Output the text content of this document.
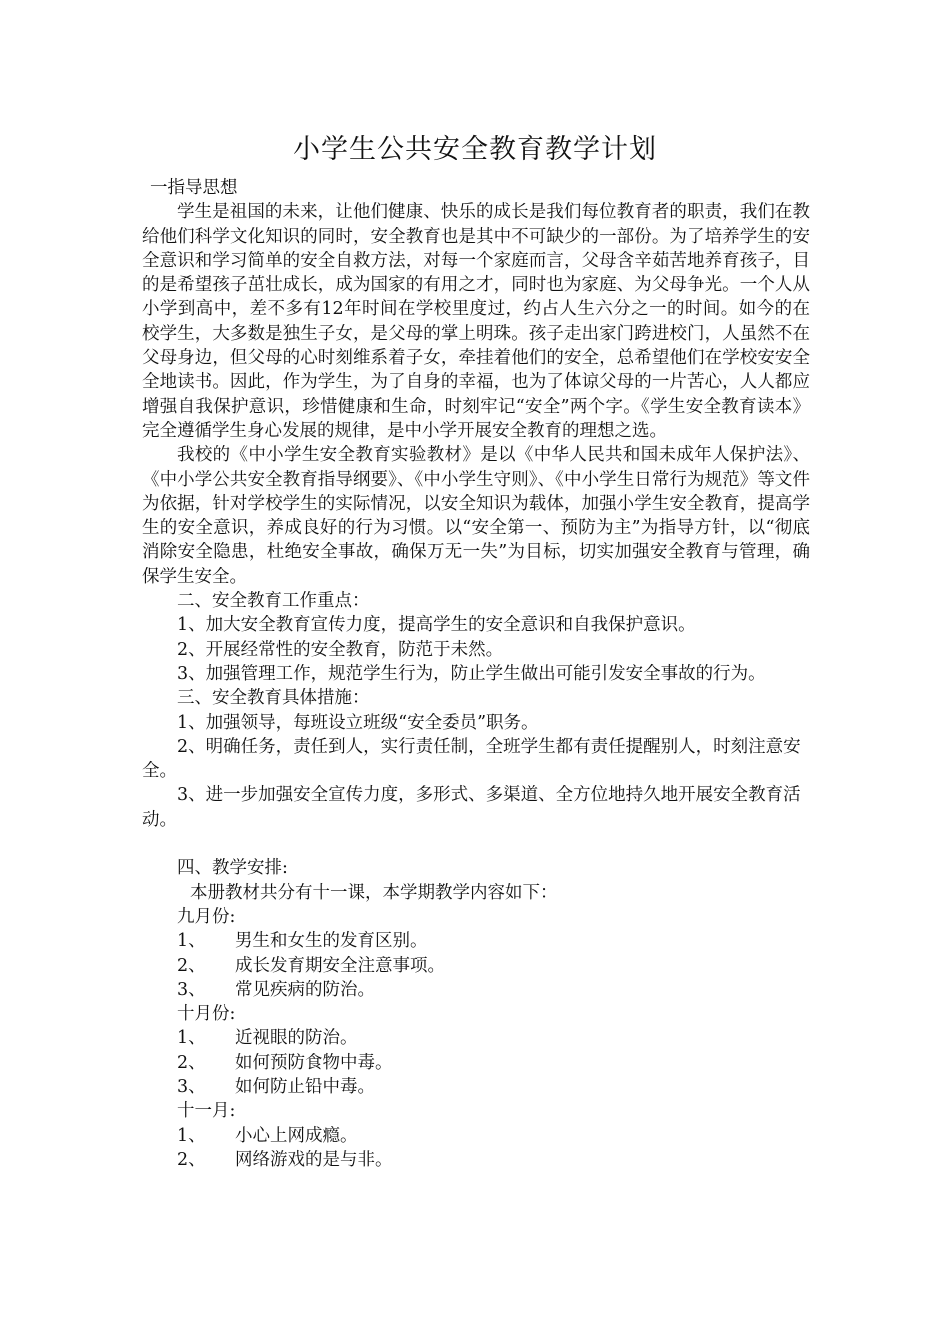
小学生公共安全教育教学计划

一指导思想

学生是祖国的未来，让他们健康、快乐的成长是我们每位教育者的职责，我们在教给他们科学文化知识的同时，安全教育也是其中不可缺少的一部份。为了培养学生的安全意识和学习简单的安全自救方法，对每一个家庭而言，父母含辛茹苦地养育孩子，目的是希望孩子茁壮成长，成为国家的有用之才，同时也为家庭、为父母争光。一个人从小学到高中，差不多有12年时间在学校里度过，约占人生六分之一的时间。如今的在校学生，大多数是独生子女，是父母的掌上明珠。孩子走出家门跨进校门，人虽然不在父母身边，但父母的心时刻维系着子女，牵挂着他们的安全，总希望他们在学校安安全全地读书。因此，作为学生，为了自身的幸福，也为了体谅父母的一片苦心，人人都应增强自我保护意识，珍惜健康和生命，时刻牢记“安全”两个字。《学生安全教育读本》完全遵循学生身心发展的规律，是中小学开展安全教育的理想之选。

我校的《中小学生安全教育实验教材》是以《中华人民共和国未成年人保护法》、《中小学公共安全教育指导纲要》、《中小学生守则》、《中小学生日常行为规范》等文件为依据，针对学校学生的实际情况，以安全知识为载体，加强小学生安全教育，提高学生的安全意识，养成良好的行为习惯。以“安全第一、预防为主”为指导方针，以“彻底消除安全隐患，杜绝安全事故，确保万无一失”为目标，切实加强安全教育与管理，确保学生安全。

二、安全教育工作重点：

1、加大安全教育宣传力度，提高学生的安全意识和自我保护意识。

2、开展经常性的安全教育，防范于未然。

3、加强管理工作，规范学生行为，防止学生做出可能引发安全事故的行为。

三、安全教育具体措施：

1、加强领导，每班设立班级“安全委员”职务。

2、明确任务，责任到人，实行责任制，全班学生都有责任提醒别人，时刻注意安全。

3、进一步加强安全宣传力度，多形式、多渠道、全方位地持久地开展安全教育活动。

四、教学安排:

本册教材共分有十一课，本学期教学内容如下：

九月份:

1、 男生和女生的发育区别。

2、 成长发育期安全注意事项。

3、 常见疾病的防治。

十月份:

1、 近视眼的防治。

2、 如何预防食物中毒。

3、 如何防止铅中毒。

十一月:

1、 小心上网成瘾。

2、 网络游戏的是与非。
